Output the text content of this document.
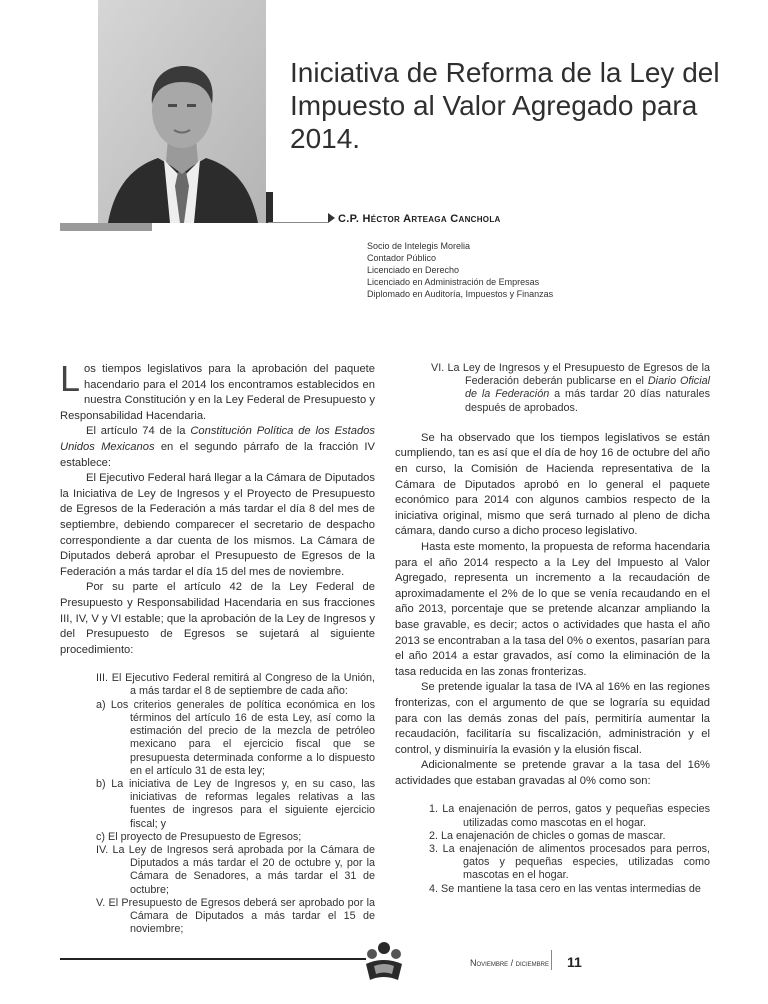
Iniciativa de Reforma de la Ley del Impuesto al Valor Agregado para 2014.
C.P. Héctor Arteaga Canchola
Socio de Intelegis Morelia
Contador Público
Licenciado en Derecho
Licenciado en Administración de Empresas
Diplomado en Auditoría, Impuestos y Finanzas

Los tiempos legislativos para la aprobación del paquete hacendario para el 2014 los encontramos establecidos en nuestra Constitución y en la Ley Federal de Presupuesto y Responsabilidad Hacendaria.

El artículo 74 de la Constitución Política de los Estados Unidos Mexicanos en el segundo párrafo de la fracción IV establece:

El Ejecutivo Federal hará llegar a la Cámara de Diputados la Iniciativa de Ley de Ingresos y el Proyecto de Presupuesto de Egresos de la Federación a más tardar el día 8 del mes de septiembre, debiendo comparecer el secretario de despacho correspondiente a dar cuenta de los mismos. La Cámara de Diputados deberá aprobar el Presupuesto de Egresos de la Federación a más tardar el día 15 del mes de noviembre.

Por su parte el artículo 42 de la Ley Federal de Presupuesto y Responsabilidad Hacendaria en sus fracciones III, IV, V y VI estable; que la aprobación de la Ley de Ingresos y del Presupuesto de Egresos se sujetará al siguiente procedimiento:

III. El Ejecutivo Federal remitirá al Congreso de la Unión, a más tardar el 8 de septiembre de cada año:
a) Los criterios generales de política económica en los términos del artículo 16 de esta Ley, así como la estimación del precio de la mezcla de petróleo mexicano para el ejercicio fiscal que se presupuesta determinada conforme a lo dispuesto en el artículo 31 de esta ley;
b) La iniciativa de Ley de Ingresos y, en su caso, las iniciativas de reformas legales relativas a las fuentes de ingresos para el siguiente ejercicio fiscal; y
c) El proyecto de Presupuesto de Egresos;
IV. La Ley de Ingresos será aprobada por la Cámara de Diputados a más tardar el 20 de octubre y, por la Cámara de Senadores, a más tardar el 31 de octubre;
V. El Presupuesto de Egresos deberá ser aprobado por la Cámara de Diputados a más tardar el 15 de noviembre;
VI. La Ley de Ingresos y el Presupuesto de Egresos de la Federación deberán publicarse en el Diario Oficial de la Federación a más tardar 20 días naturales después de aprobados.

Se ha observado que los tiempos legislativos se están cumpliendo, tan es así que el día de hoy 16 de octubre del año en curso, la Comisión de Hacienda representativa de la Cámara de Diputados aprobó en lo general el paquete económico para 2014 con algunos cambios respecto de la iniciativa original, mismo que será turnado al pleno de dicha cámara, dando curso a dicho proceso legislativo.

Hasta este momento, la propuesta de reforma hacendaria para el año 2014 respecto a la Ley del Impuesto al Valor Agregado, representa un incremento a la recaudación de aproximadamente el 2% de lo que se venía recaudando en el año 2013, porcentaje que se pretende alcanzar ampliando la base gravable, es decir; actos o actividades que hasta el año 2013 se encontraban a la tasa del 0% o exentos, pasarían para el año 2014 a estar gravados, así como la eliminación de la tasa reducida en las zonas fronterizas.

Se pretende igualar la tasa de IVA al 16% en las regiones fronterizas, con el argumento de que se lograría su equidad para con las demás zonas del país, permitiría aumentar la recaudación, facilitaría su fiscalización, administración y el control, y disminuiría la evasión y la elusión fiscal.

Adicionalmente se pretende gravar a la tasa del 16% actividades que estaban gravadas al 0% como son:

1. La enajenación de perros, gatos y pequeñas especies utilizadas como mascotas en el hogar.
2. La enajenación de chicles o gomas de mascar.
3. La enajenación de alimentos procesados para perros, gatos y pequeñas especies, utilizadas como mascotas en el hogar.
4. Se mantiene la tasa cero en las ventas intermedias de
Noviembre / diciembre 11
